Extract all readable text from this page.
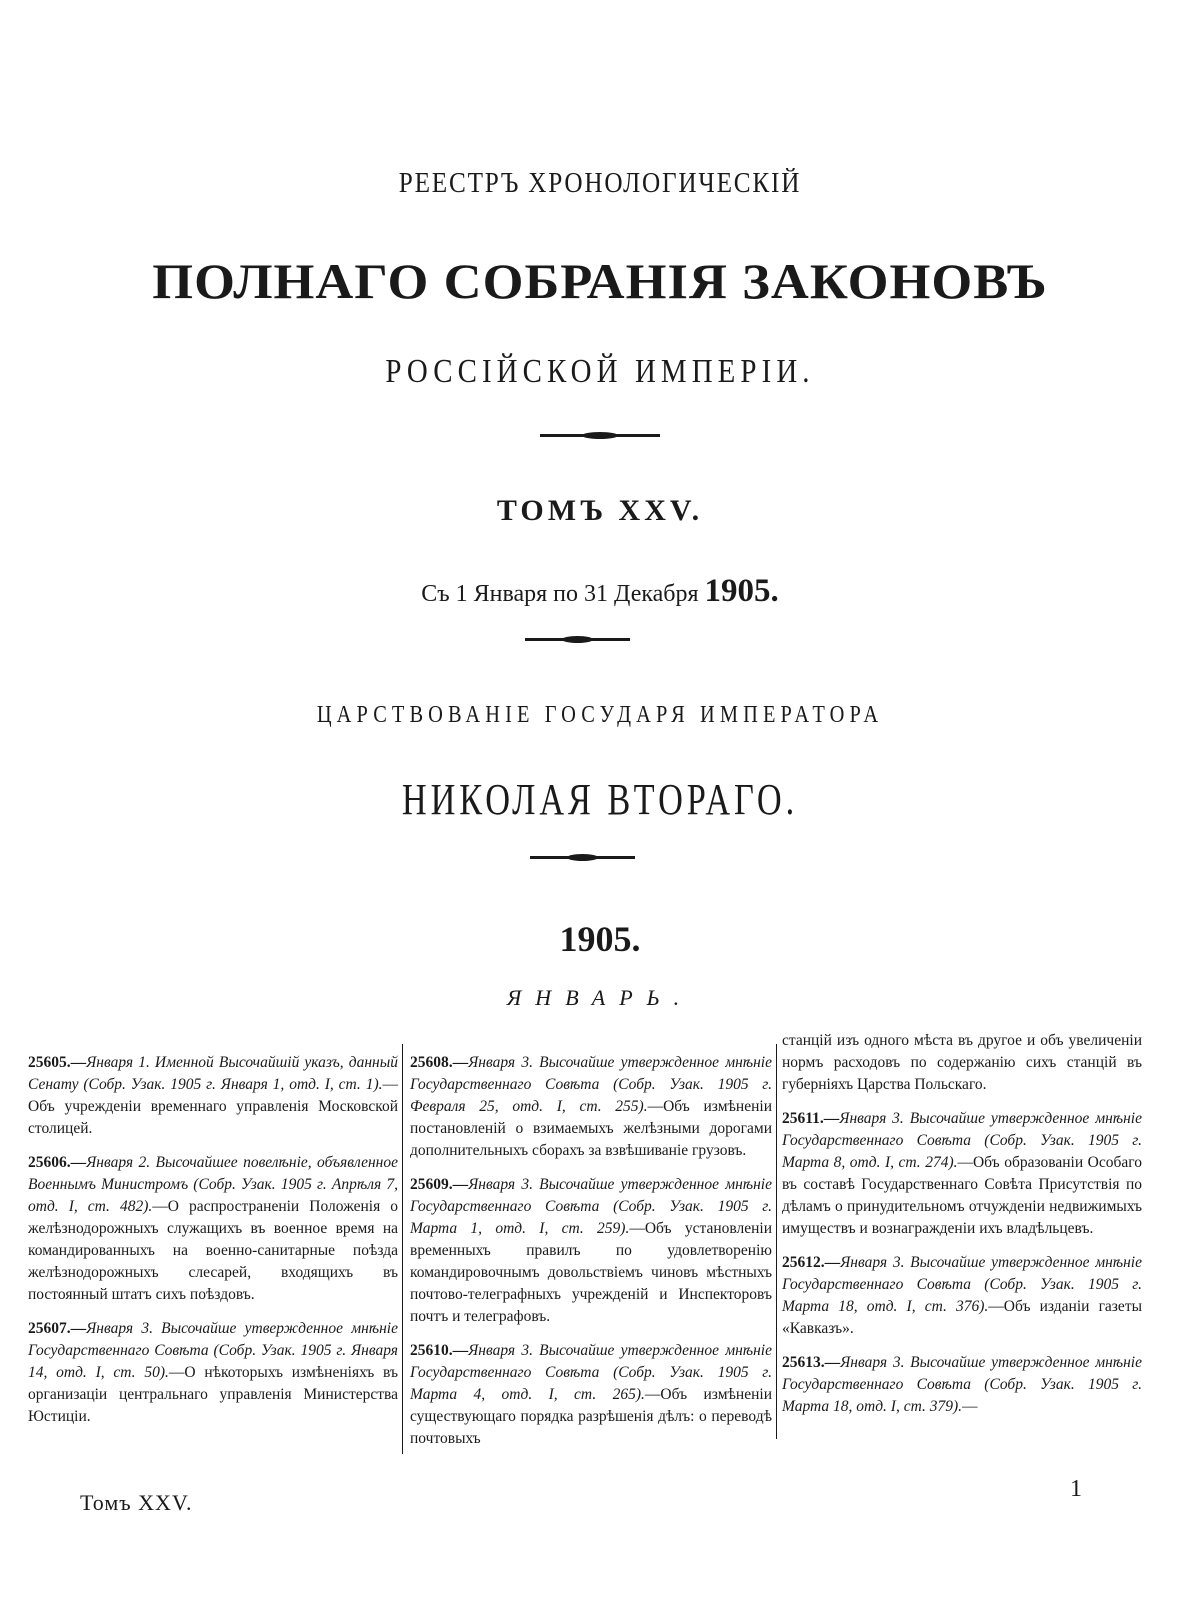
РЕЕСТРЪ ХРОНОЛОГИЧЕСКІЙ
ПОЛНАГО СОБРАНІЯ ЗАКОНОВЪ
РОССІЙСКОЙ ИМПЕРІИ.
ТОМЪ XXV.
Съ 1 Января по 31 Декабря 1905.
ЦАРСТВОВАНІЕ ГОСУДАРЯ ИМПЕРАТОРА
НИКОЛАЯ ВТОРАГО.
1905.
ЯНВАРЬ.
25605.—Января 1. Именной Высочайшій указъ, данный Сенату (Собр. Узак. 1905 г. Января 1, отд. I, ст. 1).—Объ учрежденіи временнаго управленія Московской столицей.
25606.—Января 2. Высочайшее повелѣніе, объявленное Военнымъ Министромъ (Собр. Узак. 1905 г. Апрѣля 7, отд. I, ст. 482).—О распространеніи Положенія о желѣзнодорожныхъ служащихъ въ военное время на командированныхъ на военно-санитарные поѣзда желѣзнодорожныхъ слесарей, входящихъ въ постоянный штатъ сихъ поѣздовъ.
25607.—Января 3. Высочайше утвержденное мнѣніе Государственнаго Совѣта (Собр. Узак. 1905 г. Января 14, отд. I, ст. 50).—О нѣкоторыхъ измѣненіяхъ въ организаціи центральнаго управленія Министерства Юстиціи.
25608.—Января 3. Высочайше утвержденное мнѣніе Государственнаго Совѣта (Собр. Узак. 1905 г. Февраля 25, отд. I, ст. 255).—Объ измѣненіи постановленій о взимаемыхъ желѣзными дорогами дополнительныхъ сборахъ за взвѣшиваніе грузовъ.
25609.—Января 3. Высочайше утвержденное мнѣніе Государственнаго Совѣта (Собр. Узак. 1905 г. Марта 1, отд. I, ст. 259).—Объ установленіи временныхъ правилъ по удовлетворенію командировочнымъ довольствіемъ чиновъ мѣстныхъ почтово-телеграфныхъ учрежденій и Инспекторовъ почтъ и телеграфовъ.
25610.—Января 3. Высочайше утвержденное мнѣніе Государственнаго Совѣта (Собр. Узак. 1905 г. Марта 4, отд. I, ст. 265).—Объ измѣненіи существующаго порядка разрѣшенія дѣлъ: о переводѣ почтовыхъ
станцій изъ одного мѣста въ другое и объ увеличеніи нормъ расходовъ по содержанію сихъ станцій въ губерніяхъ Царства Польскаго.
25611.—Января 3. Высочайше утвержденное мнѣніе Государственнаго Совѣта (Собр. Узак. 1905 г. Марта 8, отд. I, ст. 274).—Объ образованіи Особаго въ составѣ Государственнаго Совѣта Присутствія по дѣламъ о принудительномъ отчужденіи недвижимыхъ имуществъ и вознагражденіи ихъ владѣльцевъ.
25612.—Января 3. Высочайше утвержденное мнѣніе Государственнаго Совѣта (Собр. Узак. 1905 г. Марта 18, отд. I, ст. 376).—Объ изданіи газеты «Кавказъ».
25613.—Января 3. Высочайше утвержденное мнѣніе Государственнаго Совѣта (Собр. Узак. 1905 г. Марта 18, отд. I, ст. 379).—
Томъ XXV.
1
